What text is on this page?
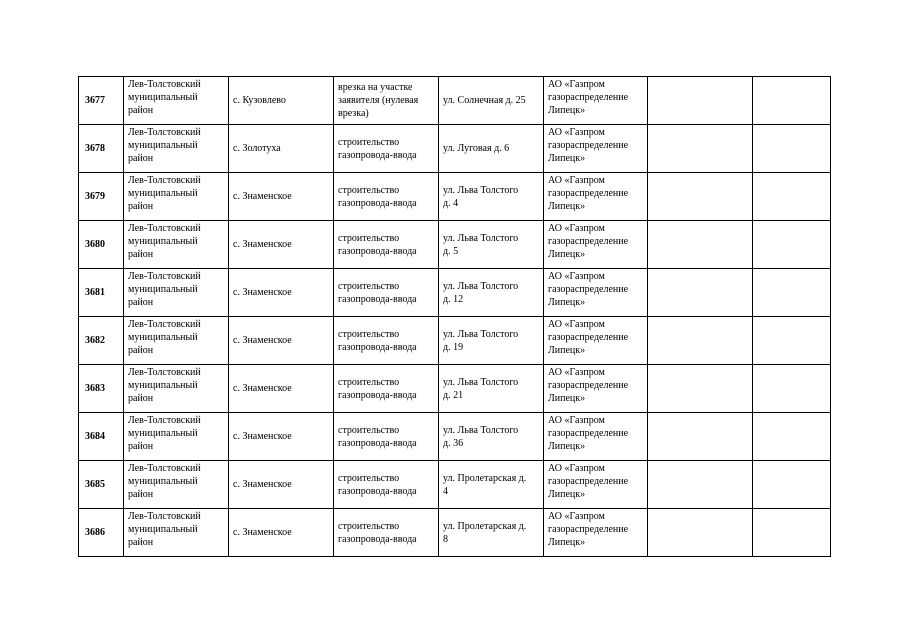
3677	Лев-Толстовский
муниципальный
район	с. Кузовлево	врезка на участке
заявителя (нулевая
врезка)	ул. Солнечная д. 25	АО «Газпром
газораспределение
Липецк»		
3678	Лев-Толстовский
муниципальный
район	с. Золотуха	строительство
газопровода-ввода	ул. Луговая д. 6	АО «Газпром
газораспределение
Липецк»		
3679	Лев-Толстовский
муниципальный
район	с. Знаменское	строительство
газопровода-ввода	ул. Льва Толстого
д. 4	АО «Газпром
газораспределение
Липецк»		
3680	Лев-Толстовский
муниципальный
район	с. Знаменское	строительство
газопровода-ввода	ул. Льва Толстого
д. 5	АО «Газпром
газораспределение
Липецк»		
3681	Лев-Толстовский
муниципальный
район	с. Знаменское	строительство
газопровода-ввода	ул. Льва Толстого
д. 12	АО «Газпром
газораспределение
Липецк»		
3682	Лев-Толстовский
муниципальный
район	с. Знаменское	строительство
газопровода-ввода	ул. Льва Толстого
д. 19	АО «Газпром
газораспределение
Липецк»		
3683	Лев-Толстовский
муниципальный
район	с. Знаменское	строительство
газопровода-ввода	ул. Льва Толстого
д. 21	АО «Газпром
газораспределение
Липецк»		
3684	Лев-Толстовский
муниципальный
район	с. Знаменское	строительство
газопровода-ввода	ул. Льва Толстого
д. 36	АО «Газпром
газораспределение
Липецк»		
3685	Лев-Толстовский
муниципальный
район	с. Знаменское	строительство
газопровода-ввода	ул. Пролетарская д.
4	АО «Газпром
газораспределение
Липецк»		
3686	Лев-Толстовский
муниципальный
район	с. Знаменское	строительство
газопровода-ввода	ул. Пролетарская д.
8	АО «Газпром
газораспределение
Липецк»		
